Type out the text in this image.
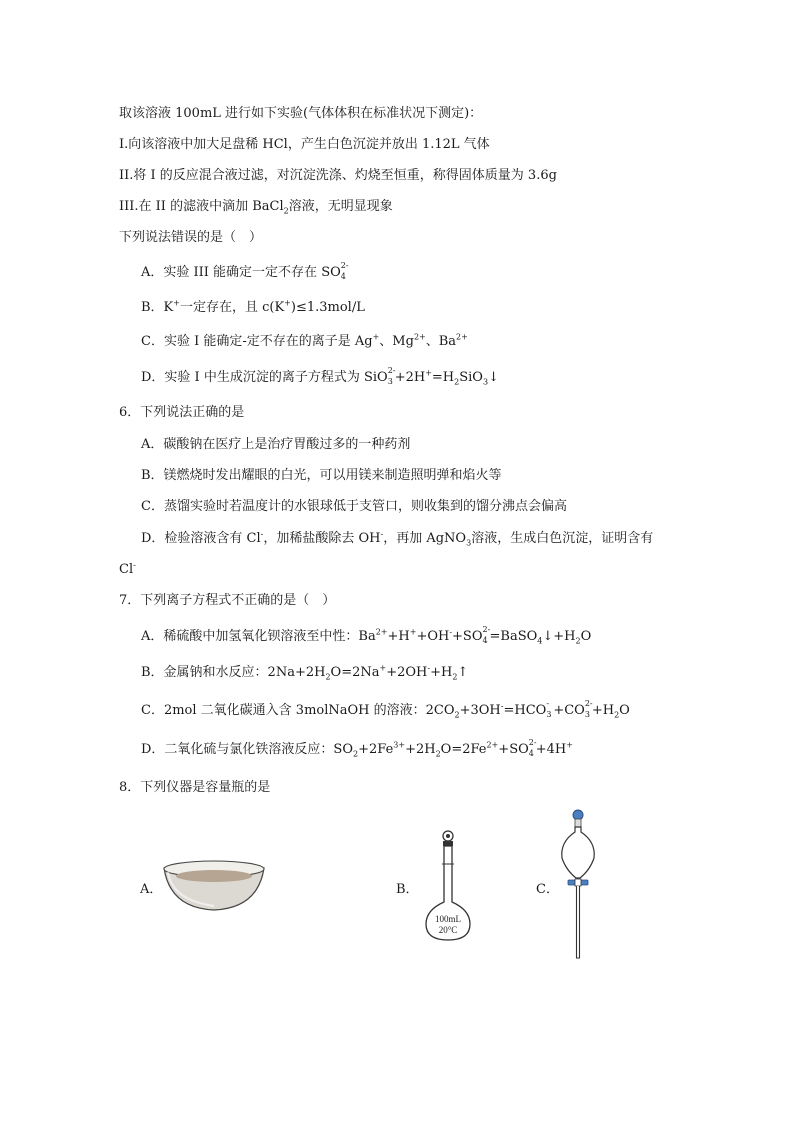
取该溶液 100mL 进行如下实验(气体体积在标准状况下测定)：
I.向该溶液中加大足盘稀 HCl，产生白色沉淀并放出 1.12L 气体
II.将 I 的反应混合液过滤，对沉淀洗涤、灼烧至恒重，称得固体质量为 3.6g
III.在 II 的滤液中滴加 BaCl$_2$溶液，无明显现象
下列说法错误的是（　）
A．实验 III 能确定一定不存在 SO 2-
4
B．K+一定存在，且 c(K+)≤1.3mol/L
C．实验 I 能确定-定不存在的离子是 Ag+、$Mg^{2+}$、$Ba^{2+}$
D．实验 I 中生成沉淀的离子方程式为 SiO 2-
$3 +2H^+=H_2SiO_3↓$
6．下列说法正确的是
A．碳酸钠在医疗上是治疗胃酸过多的一种药剂
B．镁燃烧时发出耀眼的白光，可以用镁来制造照明弹和焰火等
C．蒸馏实验时若温度计的水银球低于支管口，则收集到的馏分沸点会偏高
D．检验溶液含有 Cl-，加稀盐酸除去 OH-，再加 AgNO$_3$溶液，生成白色沉淀，证明含有
Cl-
7．下列离子方程式不正确的是（　）
A．稀硫酸中加氢氧化钡溶液至中性：$Ba^{2+}+H^++OH^-+SO$ 2-
$4 =BaSO_4↓+H_2O$
B．金属钠和水反应：$2Na+2H_2O=2Na^++2OH^-+H_2↑$
C．2mol 二氧化碳通入含 3molNaOH 的溶液：$2CO_2+3OH^-=HCO$ -
3 +CO 2-
$3 +H_2O$
D．二氧化硫与氯化铁溶液反应：$SO_2+2Fe^{3+}+2H_2O=2Fe^{2+}+SO$ 2-
4 +4H+
8．下列仪器是容量瓶的是
A．	B．	C．
100mL
20°C
